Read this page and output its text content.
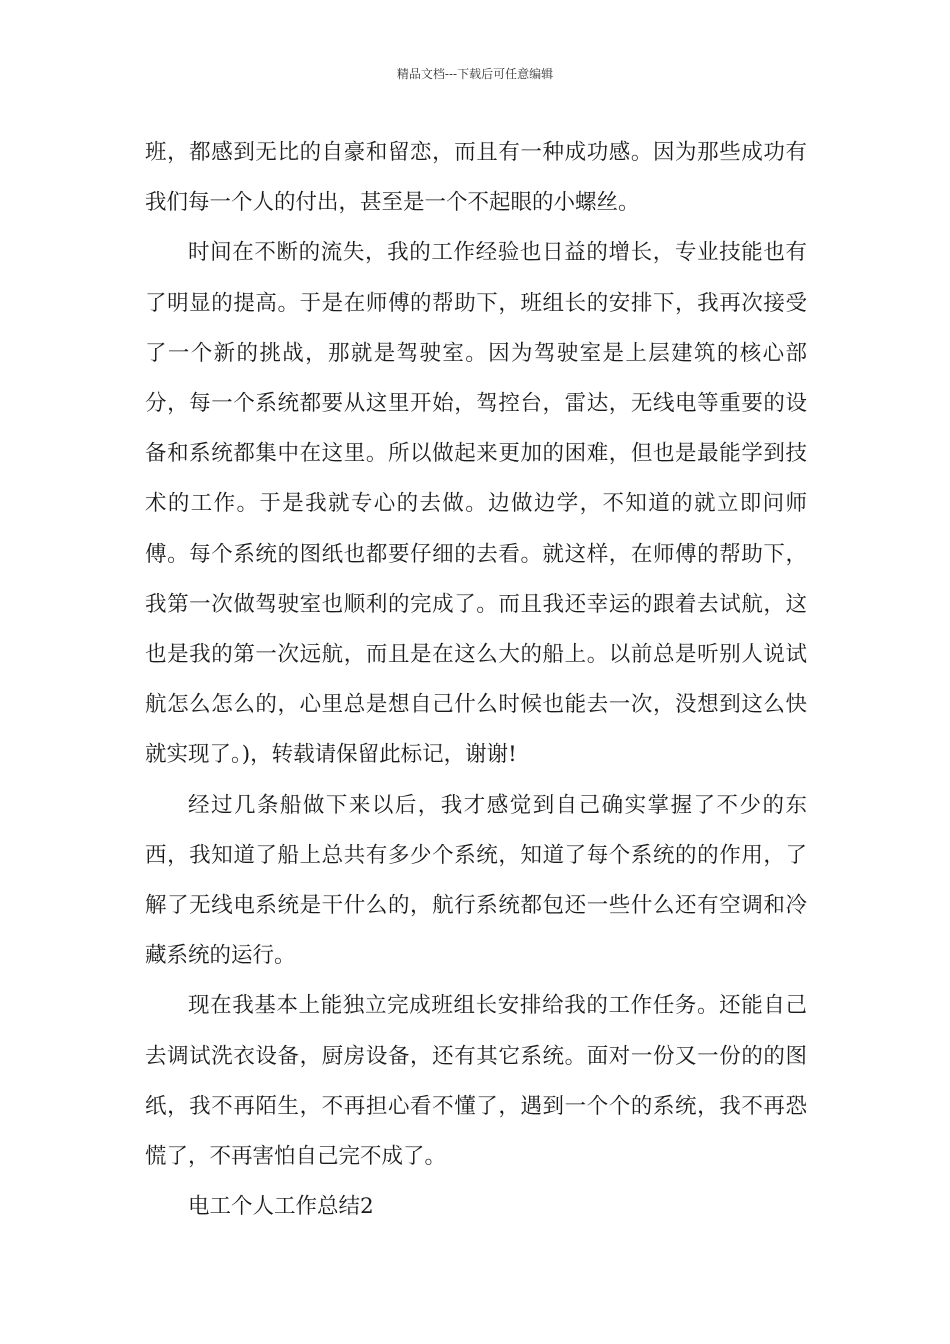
精品文档---下载后可任意编辑

班，都感到无比的自豪和留恋，而且有一种成功感。因为那些成功有我们每一个人的付出，甚至是一个不起眼的小螺丝。

时间在不断的流失，我的工作经验也日益的增长，专业技能也有了明显的提高。于是在师傅的帮助下，班组长的安排下，我再次接受了一个新的挑战，那就是驾驶室。因为驾驶室是上层建筑的核心部分，每一个系统都要从这里开始，驾控台，雷达，无线电等重要的设备和系统都集中在这里。所以做起来更加的困难，但也是最能学到技术的工作。于是我就专心的去做。边做边学，不知道的就立即问师傅。每个系统的图纸也都要仔细的去看。就这样，在师傅的帮助下，我第一次做驾驶室也顺利的完成了。而且我还幸运的跟着去试航，这也是我的第一次远航，而且是在这么大的船上。以前总是听别人说试航怎么怎么的，心里总是想自己什么时候也能去一次，没想到这么快就实现了。)，转载请保留此标记，谢谢!

经过几条船做下来以后，我才感觉到自己确实掌握了不少的东西，我知道了船上总共有多少个系统，知道了每个系统的的作用，了解了无线电系统是干什么的，航行系统都包还一些什么还有空调和冷藏系统的运行。

现在我基本上能独立完成班组长安排给我的工作任务。还能自己去调试洗衣设备，厨房设备，还有其它系统。面对一份又一份的的图纸，我不再陌生，不再担心看不懂了，遇到一个个的系统，我不再恐慌了，不再害怕自己完不成了。

电工个人工作总结2
